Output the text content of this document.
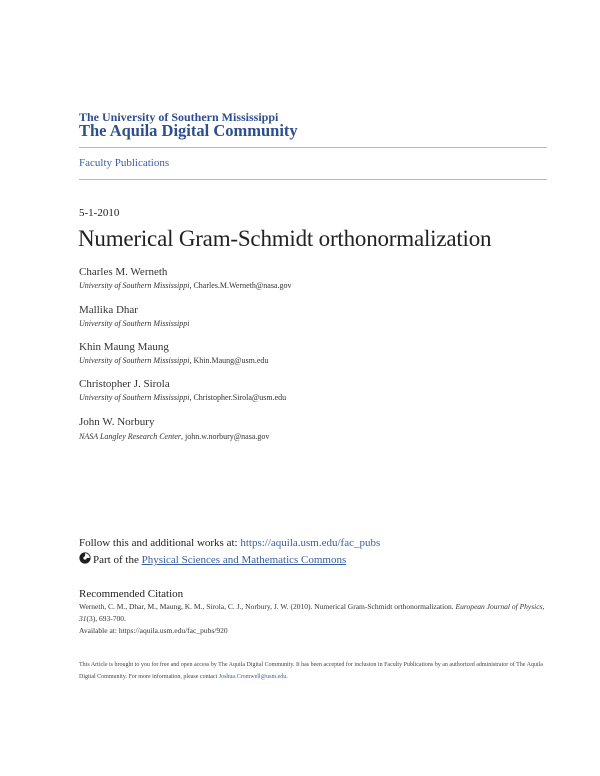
The University of Southern Mississippi
The Aquila Digital Community
Faculty Publications
5-1-2010
Numerical Gram-Schmidt orthonormalization
Charles M. Werneth
University of Southern Mississippi, Charles.M.Werneth@nasa.gov
Mallika Dhar
University of Southern Mississippi
Khin Maung Maung
University of Southern Mississippi, Khin.Maung@usm.edu
Christopher J. Sirola
University of Southern Mississippi, Christopher.Sirola@usm.edu
John W. Norbury
NASA Langley Research Center, john.w.norbury@nasa.gov
Follow this and additional works at: https://aquila.usm.edu/fac_pubs
Part of the Physical Sciences and Mathematics Commons
Recommended Citation
Werneth, C. M., Dhar, M., Maung, K. M., Sirola, C. J., Norbury, J. W. (2010). Numerical Gram-Schmidt orthonormalization. European Journal of Physics, 31(3), 693-700.
Available at: https://aquila.usm.edu/fac_pubs/920
This Article is brought to you for free and open access by The Aquila Digital Community. It has been accepted for inclusion in Faculty Publications by an authorized administrator of The Aquila Digital Community. For more information, please contact Joshua.Cromwell@usm.edu.
